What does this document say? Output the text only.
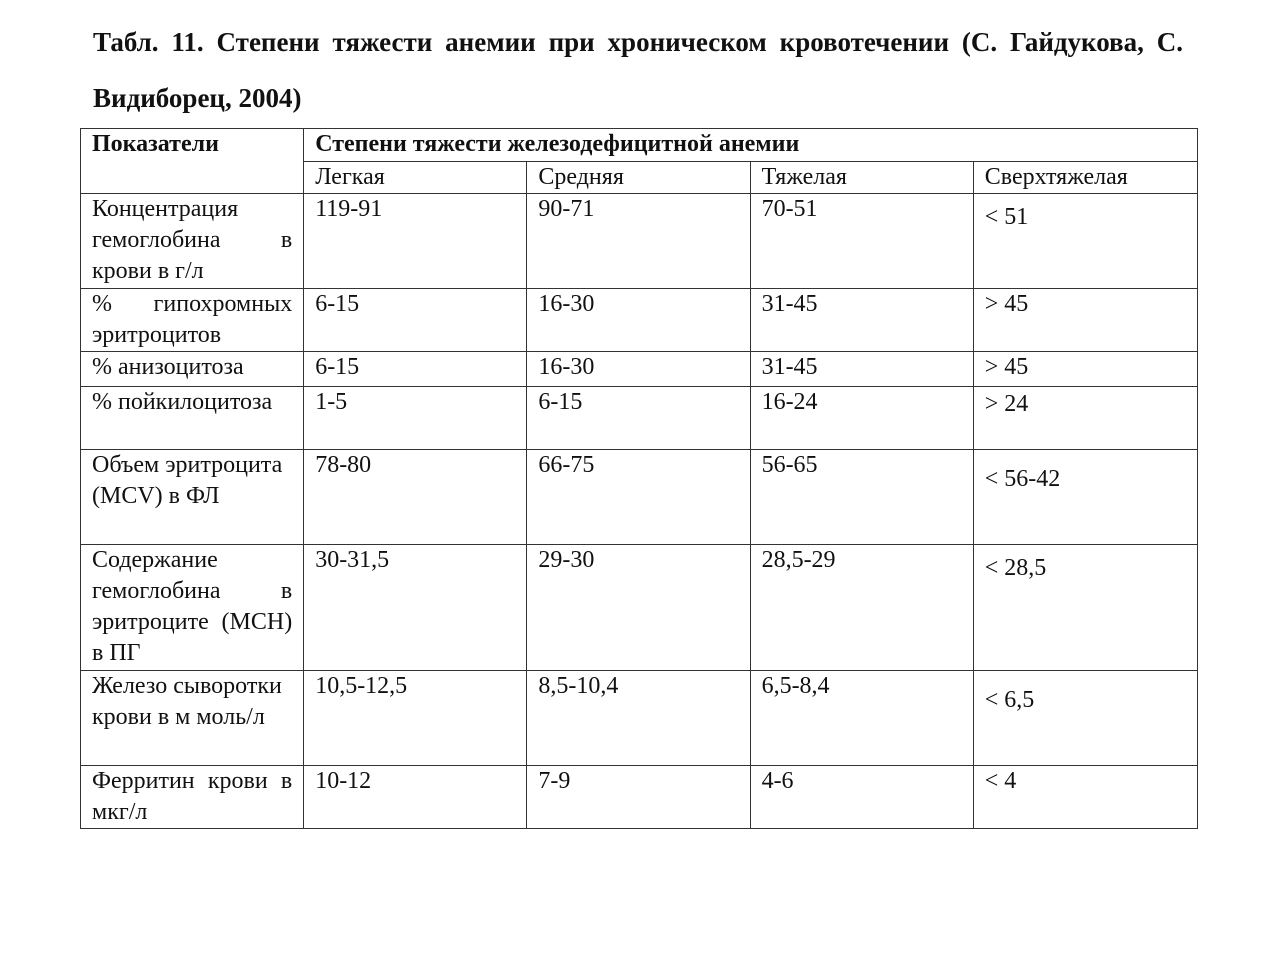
Табл. 11. Степени тяжести анемии при хроническом кровотечении (С. Гайдукова, С. Видиборец, 2004)

Показатели	Степени тяжести железодефицитной анемии			
	Легкая	Средняя	Тяжелая	Сверхтяжелая
Концентрация гемоглобина в крови в г/л	119-91	90-71	70-51	< 51
% гипохромных эритроцитов	6-15	16-30	31-45	> 45
% анизоцитоза	6-15	16-30	31-45	> 45
% пойкилоцитоза	1-5	6-15	16-24	> 24
Объем эритроцита (MCV) в ФЛ	78-80	66-75	56-65	< 56-42
Содержание гемоглобина в эритроците (МСН) в ПГ	30-31,5	29-30	28,5-29	< 28,5
Железо сыворотки крови в м моль/л	10,5-12,5	8,5-10,4	6,5-8,4	< 6,5
Ферритин крови в мкг/л	10-12	7-9	4-6	< 4
